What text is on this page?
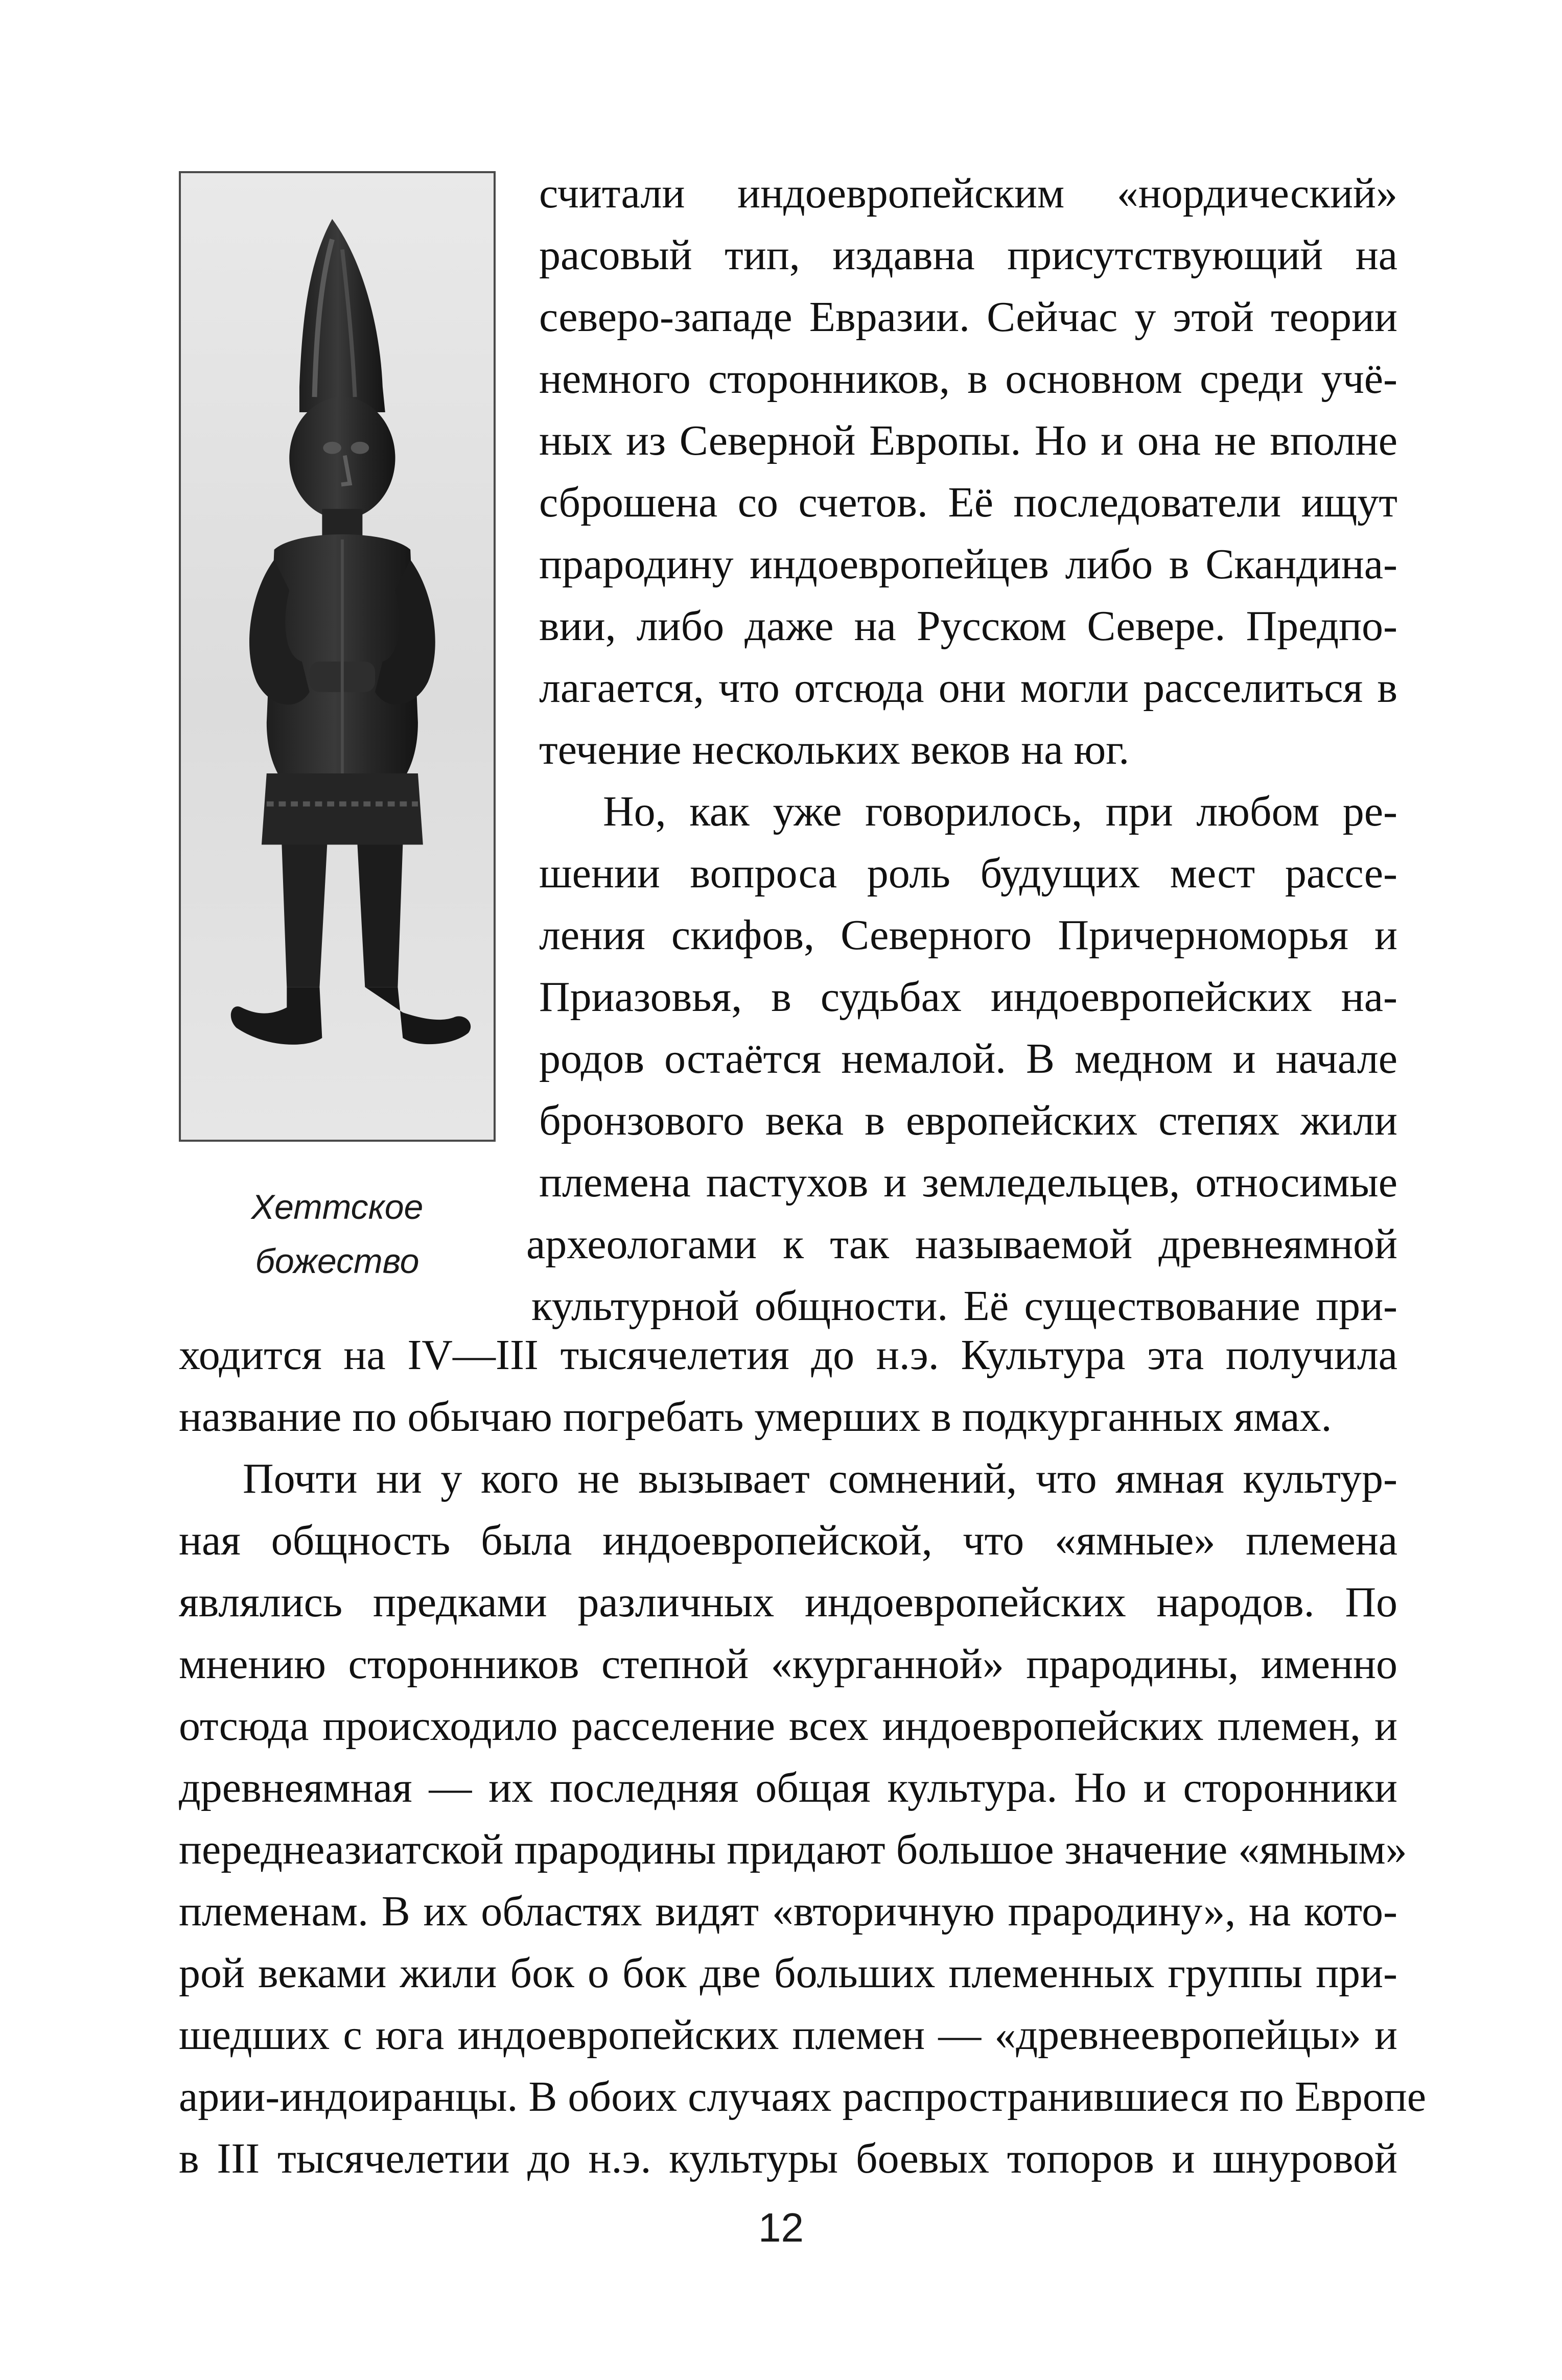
Хеттское
божество
считали индоевропейским «нордический»
расовый тип, издавна присутствующий на
северо-западе Евразии. Сейчас у этой теории
немного сторонников, в основном среди учё-
ных из Северной Европы. Но и она не вполне
сброшена со счетов. Её последователи ищут
прародину индоевропейцев либо в Скандина-
вии, либо даже на Русском Севере. Предпо-
лагается, что отсюда они могли расселиться в
течение нескольких веков на юг.
Но, как уже говорилось, при любом ре-
шении вопроса роль будущих мест рассе-
ления скифов, Северного Причерноморья и
Приазовья, в судьбах индоевропейских на-
родов остаётся немалой. В медном и начале
бронзового века в европейских степях жили
племена пастухов и земледельцев, относимые
археологами к так называемой древнеямной
культурной общности. Её существование при-
ходится на IV—III тысячелетия до н.э. Культура эта получила
название по обычаю погребать умерших в подкурганных ямах.
Почти ни у кого не вызывает сомнений, что ямная культур-
ная общность была индоевропейской, что «ямные» племена
являлись предками различных индоевропейских народов. По
мнению сторонников степной «курганной» прародины, именно
отсюда происходило расселение всех индоевропейских племен, и
древнеямная — их последняя общая культура. Но и сторонники
переднеазиатской прародины придают большое значение «ямным»
племенам. В их областях видят «вторичную прародину», на кото-
рой веками жили бок о бок две больших племенных группы при-
шедших с юга индоевропейских племен — «древнеевропейцы» и
арии-индоиранцы. В обоих случаях распространившиеся по Европе
в III тысячелетии до н.э. культуры боевых топоров и шнуровой
12
